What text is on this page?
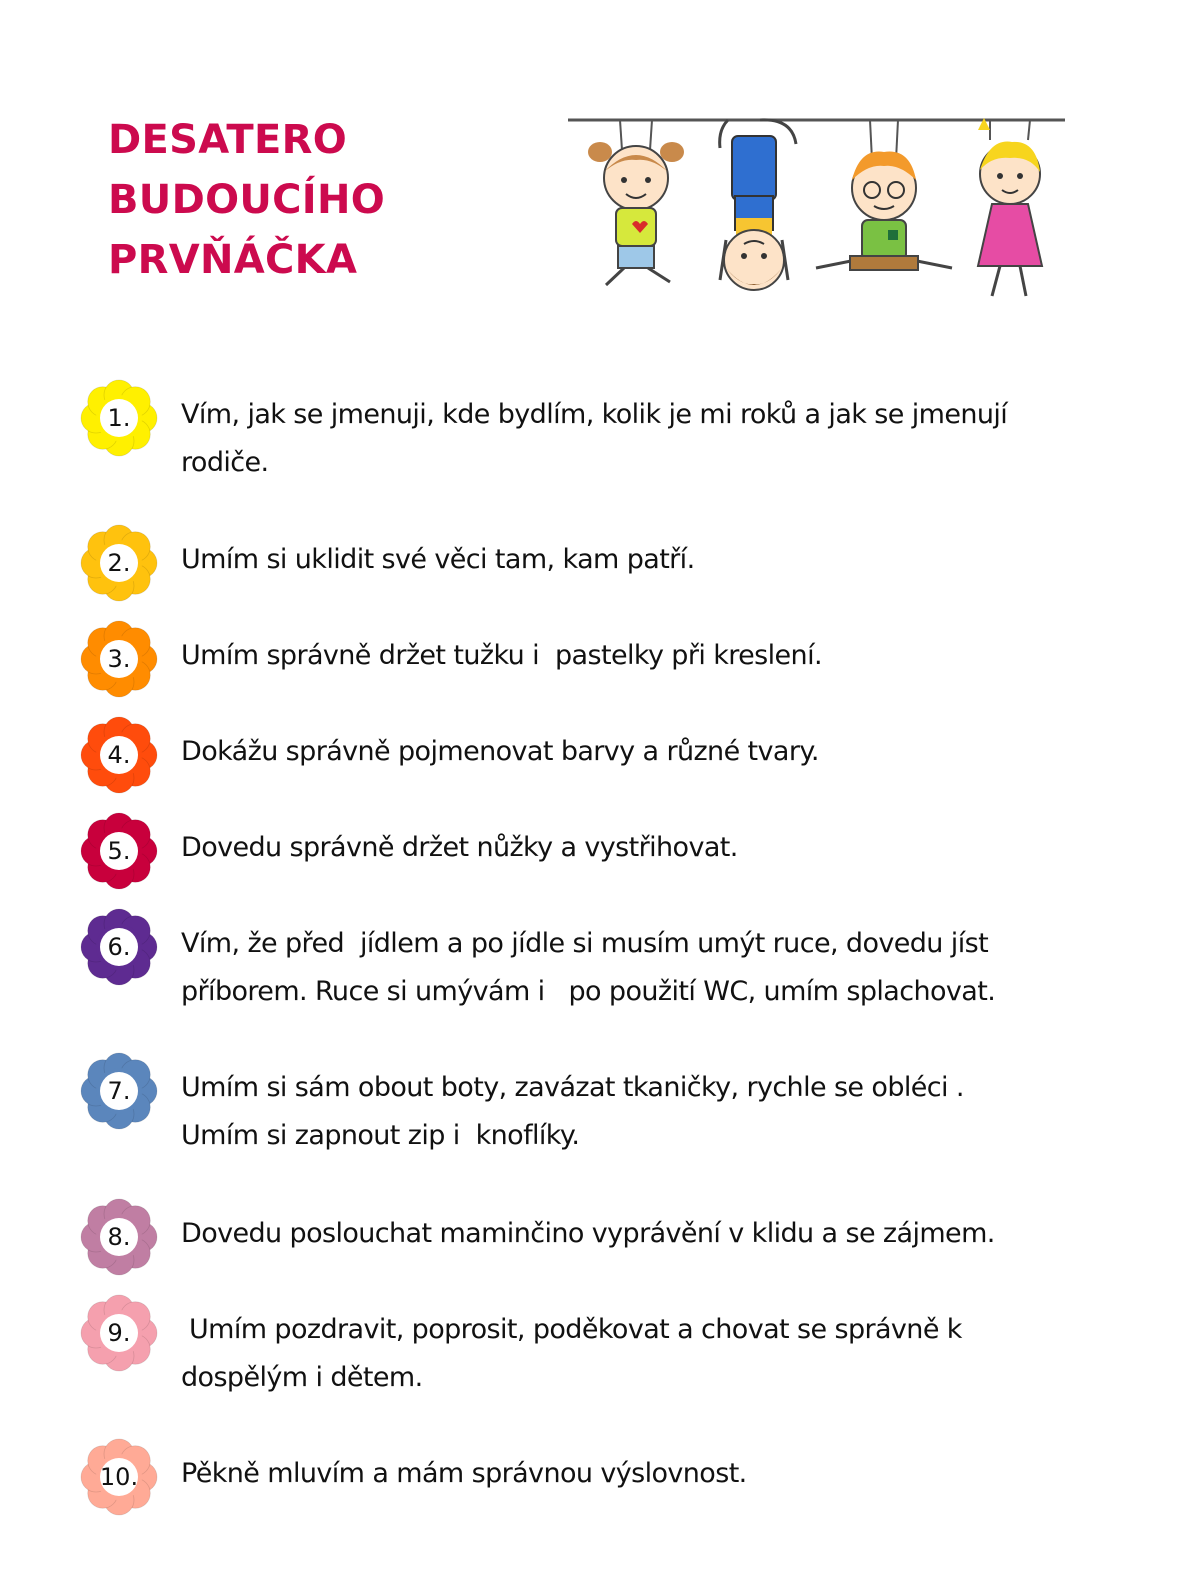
DESATERO
BUDOUCÍHO
PRVŇÁČKA
1.	Vím, jak se jmenuji, kde bydlím, kolik je mi roků a jak se jmenují
rodiče.

2.	Umím si uklidit své věci tam, kam patří.

3.	Umím správně držet tužku i  pastelky při kreslení.

4.	Dokážu správně pojmenovat barvy a různé tvary.

5.	Dovedu správně držet nůžky a vystřihovat.

6.	Vím, že před  jídlem a po jídle si musím umýt ruce, dovedu jíst
příborem. Ruce si umývám i   po použití WC, umím splachovat.

7.	Umím si sám obout boty, zavázat tkaničky, rychle se obléci .
Umím si zapnout zip i  knoflíky.

8.	Dovedu poslouchat maminčino vyprávění v klidu a se zájmem.

9.	Umím pozdravit, poprosit, poděkovat a chovat se správně k
dospělým i dětem.

10.	Pěkně mluvím a mám správnou výslovnost.
